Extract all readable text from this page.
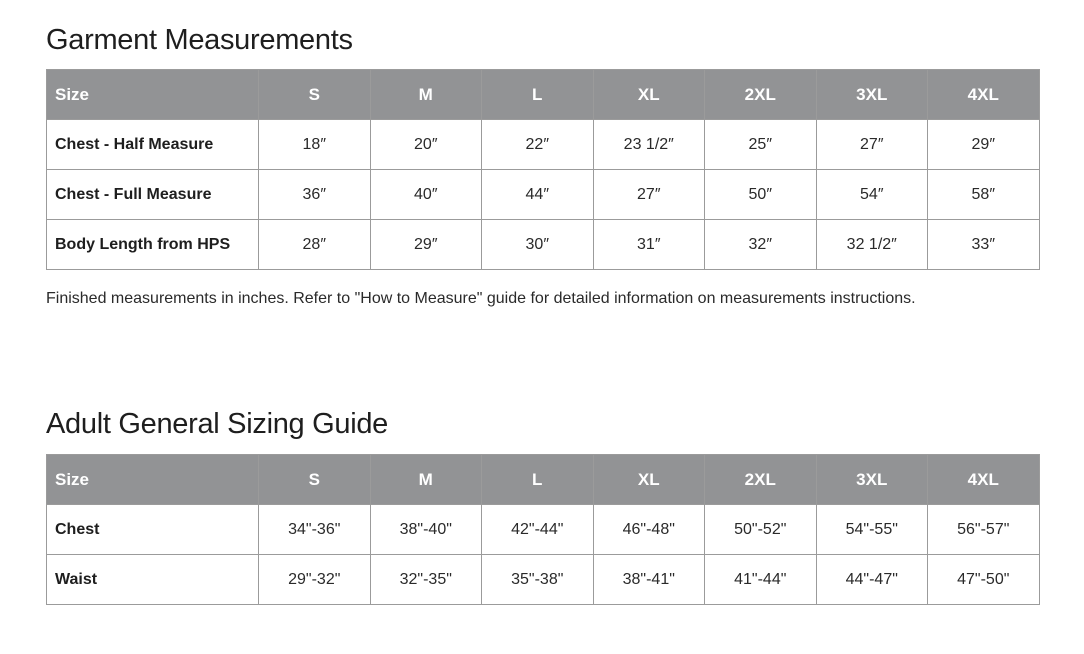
Garment Measurements
Size	S	M	L	XL	2XL	3XL	4XL
Chest - Half Measure	18″	20″	22″	23 1/2″	25″	27″	29″
Chest - Full Measure	36″	40″	44″	27″	50″	54″	58″
Body Length from HPS	28″	29″	30″	31″	32″	32 1/2″	33″

Finished measurements in inches. Refer to "How to Measure" guide for detailed information on measurements instructions.

Adult General Sizing Guide
Size	S	M	L	XL	2XL	3XL	4XL
Chest	34"-36"	38"-40"	42"-44"	46"-48"	50"-52"	54"-55"	56"-57"
Waist	29"-32"	32"-35"	35"-38"	38"-41"	41"-44"	44"-47"	47"-50"
